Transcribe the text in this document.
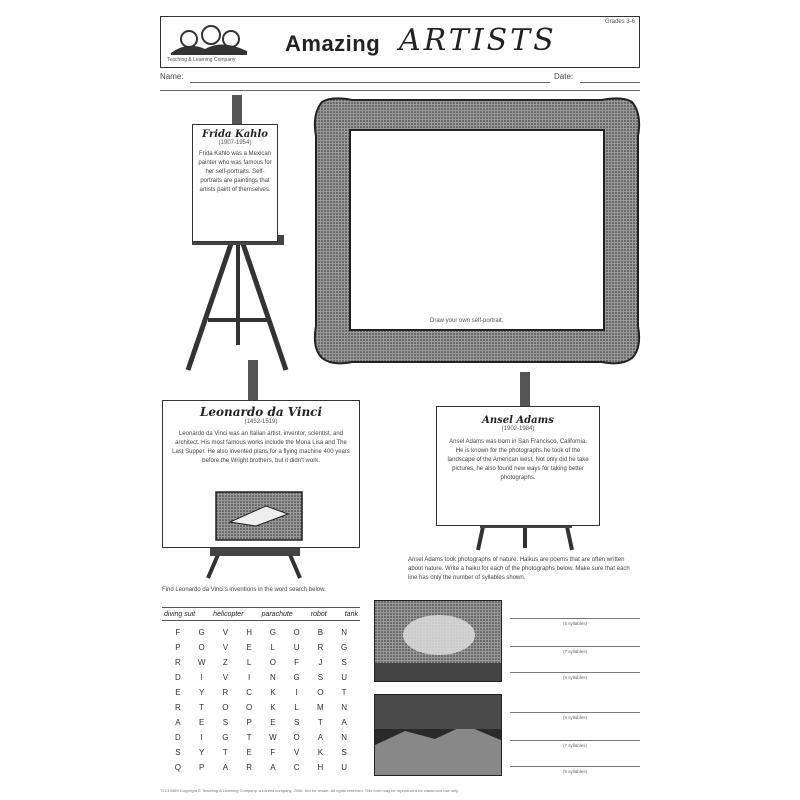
Teaching & Learning Company
Amazing ARTISTS
Grades 3-6
Name:	Date:
Frida Kahlo
(1907-1954)
Frida Kahlo was a Mexican painter who was famous for her self-portraits. Self-portraits are paintings that artists paint of themselves.
Draw your own self-portrait.
Leonardo da Vinci
(1452-1519)
Leonardo da Vinci was an Italian artist, inventor, scientist, and architect. His most famous works include the Mona Lisa and The Last Supper. He also invented plans for a flying machine 400 years before the Wright brothers, but it didn't work.
Ansel Adams
(1902-1984)
Ansel Adams was born in San Francisco, California. He is known for the photographs he took of the landscape of the American west. Not only did he take pictures, he also found new ways for taking better photographs.
Find Leonardo da Vinci's inventions in the word search below.
diving suit	helicopter	parachute	robot	tank
F	G	V	H	G	O	B	N
P	O	V	E	L	U	R	G
R	W	Z	L	O	F	J	S
D	I	V	I	N	G	S	U
E	Y	R	C	K	I	O	T
R	T	O	O	K	L	M	N
A	E	S	P	E	S	T	A
D	I	G	T	W	O	A	N
S	Y	T	E	F	V	K	S
Q	P	A	R	A	C	H	U
Ansel Adams took photographs of nature. Haikus are poems that are often written about nature. Write a haiku for each of the photographs below. Make sure that each line has only the number of syllables shown.
(5 syllables)
(7 syllables)
(5 syllables)
(5 syllables)
(7 syllables)
(5 syllables)
TLC10469 Copyright © Teaching & Learning Company, a Lorenz company, 2006. Not for resale. All rights reserved. This form may be reproduced for classroom use only.
